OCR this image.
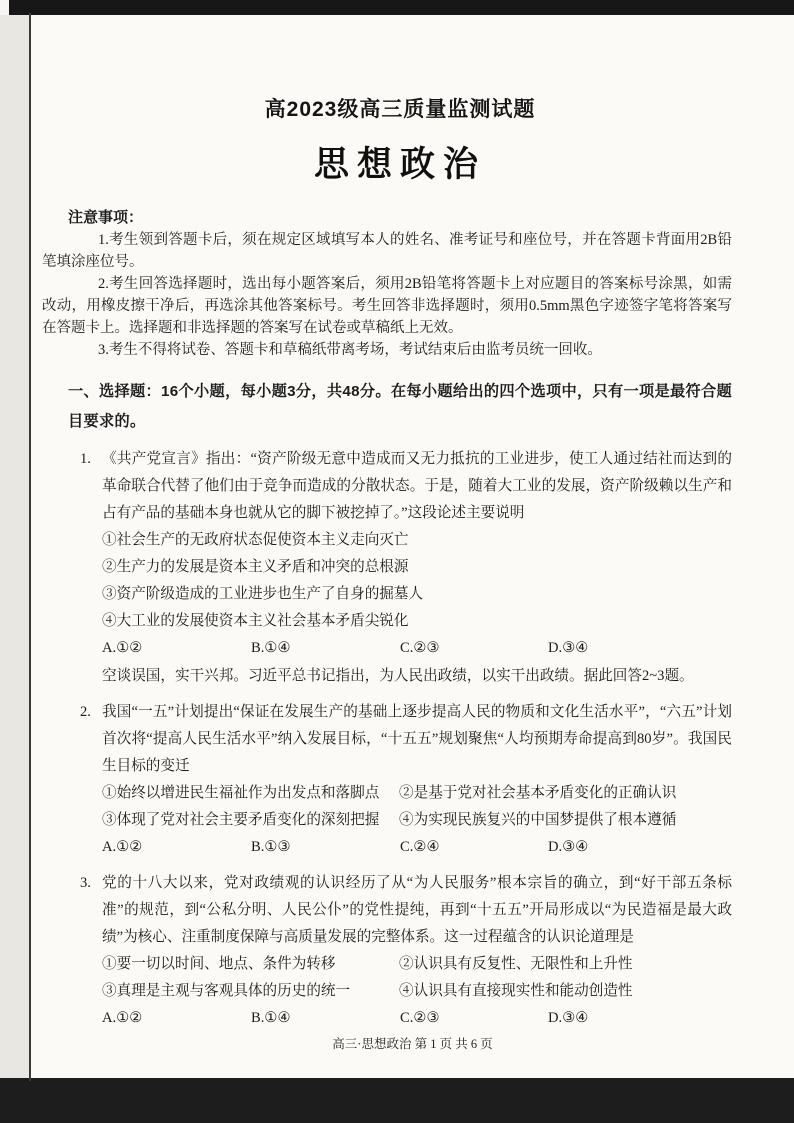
高2023级高三质量监测试题
思想政治
注意事项：

1.考生领到答题卡后，须在规定区域填写本人的姓名、准考证号和座位号，并在答题卡背面用2B铅笔填涂座位号。

2.考生回答选择题时，选出每小题答案后，须用2B铅笔将答题卡上对应题目的答案标号涂黑，如需改动，用橡皮擦干净后，再选涂其他答案标号。考生回答非选择题时，须用0.5mm黑色字迹签字笔将答案写在答题卡上。选择题和非选择题的答案写在试卷或草稿纸上无效。

3.考生不得将试卷、答题卡和草稿纸带离考场，考试结束后由监考员统一回收。

一、选择题：16个小题，每小题3分，共48分。在每小题给出的四个选项中，只有一项是最符合题目要求的。

1. 《共产党宣言》指出：“资产阶级无意中造成而又无力抵抗的工业进步，使工人通过结社而达到的革命联合代替了他们由于竞争而造成的分散状态。于是，随着大工业的发展，资产阶级赖以生产和占有产品的基础本身也就从它的脚下被挖掉了。”这段论述主要说明

①社会生产的无政府状态促使资本主义走向灭亡
②生产力的发展是资本主义矛盾和冲突的总根源
③资产阶级造成的工业进步也生产了自身的掘墓人
④大工业的发展使资本主义社会基本矛盾尖锐化
A.①②	B.①④	C.②③	D.③④

空谈误国，实干兴邦。习近平总书记指出，为人民出政绩，以实干出政绩。据此回答2~3题。

2. 我国“一五”计划提出“保证在发展生产的基础上逐步提高人民的物质和文化生活水平”，“六五”计划首次将“提高人民生活水平”纳入发展目标，“十五五”规划聚焦“人均预期寿命提高到80岁”。我国民生目标的变迁

①始终以增进民生福祉作为出发点和落脚点	②是基于党对社会基本矛盾变化的正确认识
③体现了党对社会主要矛盾变化的深刻把握	④为实现民族复兴的中国梦提供了根本遵循
A.①②	B.①③	C.②④	D.③④
3. 党的十八大以来，党对政绩观的认识经历了从“为人民服务”根本宗旨的确立，到“好干部五条标准”的规范，到“公私分明、人民公仆”的党性提纯，再到“十五五”开局形成以“为民造福是最大政绩”为核心、注重制度保障与高质量发展的完整体系。这一过程蕴含的认识论道理是

①要一切以时间、地点、条件为转移	②认识具有反复性、无限性和上升性
③真理是主观与客观具体的历史的统一	④认识具有直接现实性和能动创造性
A.①②	B.①④	C.②③	D.③④
高三·思想政治 第 1 页 共 6 页
